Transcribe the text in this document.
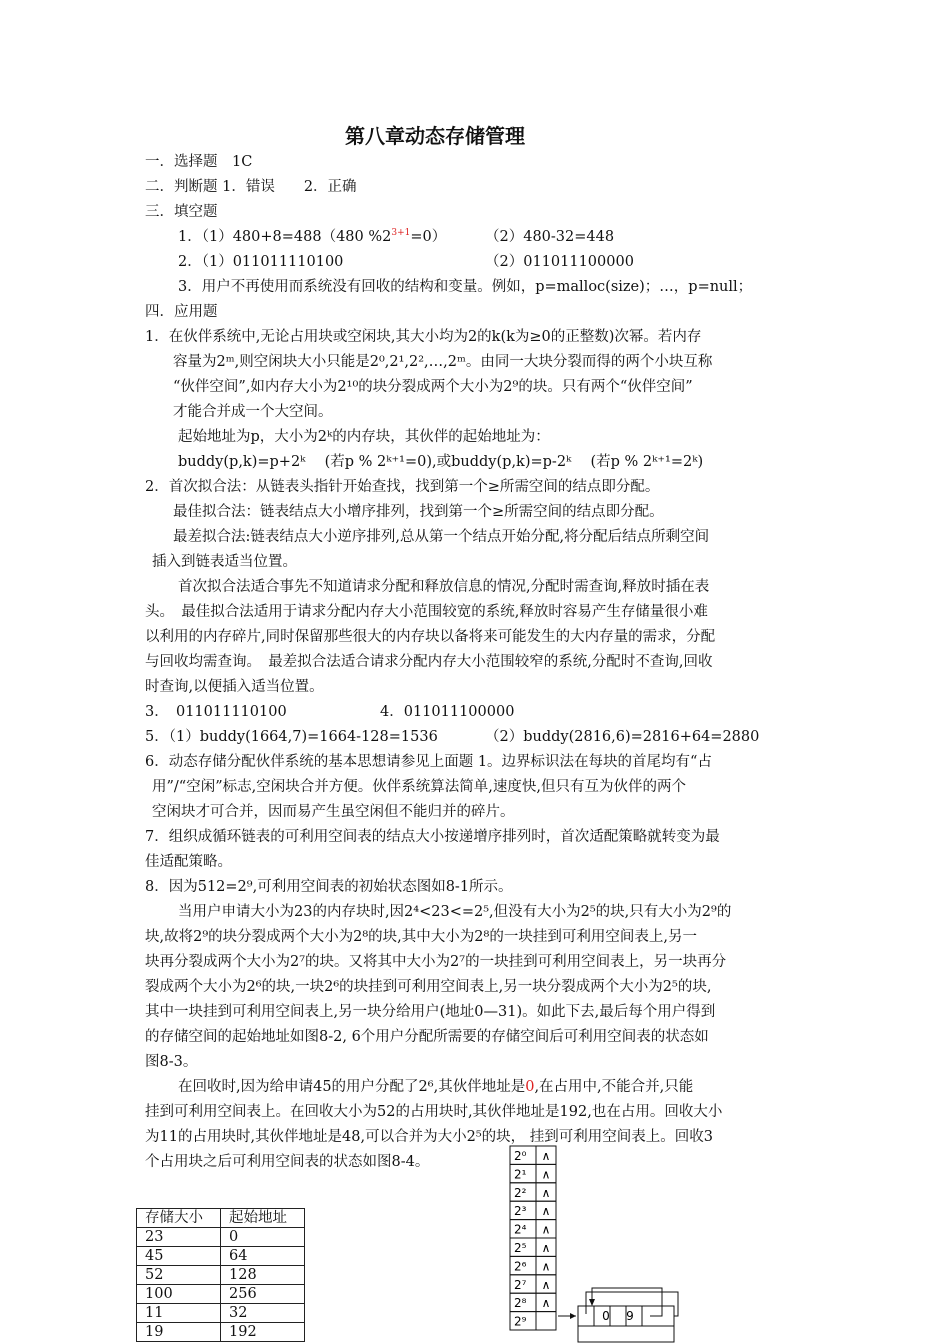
第八章动态存储管理
一．选择题　1C
二．判断题 1．错误　　2．正确
三．填空题
1．（1）480+8=488（480 $\%2^{3+1}=0$）	（2）480-32=448
2．（1）011011110100	（2）011011100000
3．用户不再使用而系统没有回收的结构和变量。例如，p=malloc(size)；…，p=null；
四．应用题
1．在伙伴系统中,无论占用块或空闲块,其大小均为2的k(k为≥0的正整数)次幂。若内存
容量为2ᵐ,则空闲块大小只能是2⁰,2¹,2²,…,2ᵐ。由同一大块分裂而得的两个小块互称
“伙伴空间”,如内存大小为2¹⁰的块分裂成两个大小为2⁹的块。只有两个“伙伴空间”
才能合并成一个大空间。
起始地址为p，大小为2ᵏ的内存块，其伙伴的起始地址为：
buddy(p,k)=p+2ᵏ　 (若p % 2ᵏ⁺¹=0),或buddy(p,k)=p-2ᵏ　 (若p % 2ᵏ⁺¹=2ᵏ)
2．首次拟合法：从链表头指针开始查找，找到第一个≥所需空间的结点即分配。
最佳拟合法：链表结点大小增序排列，找到第一个≥所需空间的结点即分配。
最差拟合法:链表结点大小逆序排列,总从第一个结点开始分配,将分配后结点所剩空间
插入到链表适当位置。
首次拟合法适合事先不知道请求分配和释放信息的情况,分配时需查询,释放时插在表
头。　最佳拟合法适用于请求分配内存大小范围较宽的系统,释放时容易产生存储量很小难
以利用的内存碎片,同时保留那些很大的内存块以备将来可能发生的大内存量的需求，分配
与回收均需查询。　最差拟合法适合请求分配内存大小范围较窄的系统,分配时不查询,回收
时查询,以便插入适当位置。
3．　011011110100	4．011011100000
5．（1）buddy(1664,7)=1664-128=1536	（2）buddy(2816,6)=2816+64=2880
6．动态存储分配伙伴系统的基本思想请参见上面题 1。边界标识法在每块的首尾均有“占
用”/“空闲”标志,空闲块合并方便。伙伴系统算法简单,速度快,但只有互为伙伴的两个
空闲块才可合并，因而易产生虽空闲但不能归并的碎片。
7．组织成循环链表的可利用空间表的结点大小按递增序排列时，首次适配策略就转变为最
佳适配策略。
8．因为512=2⁹,可利用空间表的初始状态图如8-1所示。
当用户申请大小为23的内存块时,因2⁴<23<=2⁵,但没有大小为2⁵的块,只有大小为2⁹的
块,故将2⁹的块分裂成两个大小为2⁸的块,其中大小为2⁸的一块挂到可利用空间表上,另一
块再分裂成两个大小为2⁷的块。又将其中大小为2⁷的一块挂到可利用空间表上，另一块再分
裂成两个大小为2⁶的块,一块2⁶的块挂到可利用空间表上,另一块分裂成两个大小为2⁵的块,
其中一块挂到可利用空间表上,另一块分给用户(地址0—31)。如此下去,最后每个用户得到
的存储空间的起始地址如图8-2, 6个用户分配所需要的存储空间后可利用空间表的状态如
图8-3。
在回收时,因为给申请45的用户分配了2⁶,其伙伴地址是0,在占用中,不能合并,只能
挂到可利用空间表上。在回收大小为52的占用块时,其伙伴地址是192,也在占用。回收大小
为11的占用块时,其伙伴地址是48,可以合并为大小2⁵的块， 挂到可利用空间表上。回收3
个占用块之后可利用空间表的状态如图8-4。
存储大小	起始地址
23	0
45	64
52	128
100	256
11	32
19	192
2⁰ ∧
2¹ ∧
2² ∧
2³ ∧
2⁴ ∧
2⁵ ∧
2⁶ ∧
2⁷ ∧
2⁸ ∧
2⁹	0 9
